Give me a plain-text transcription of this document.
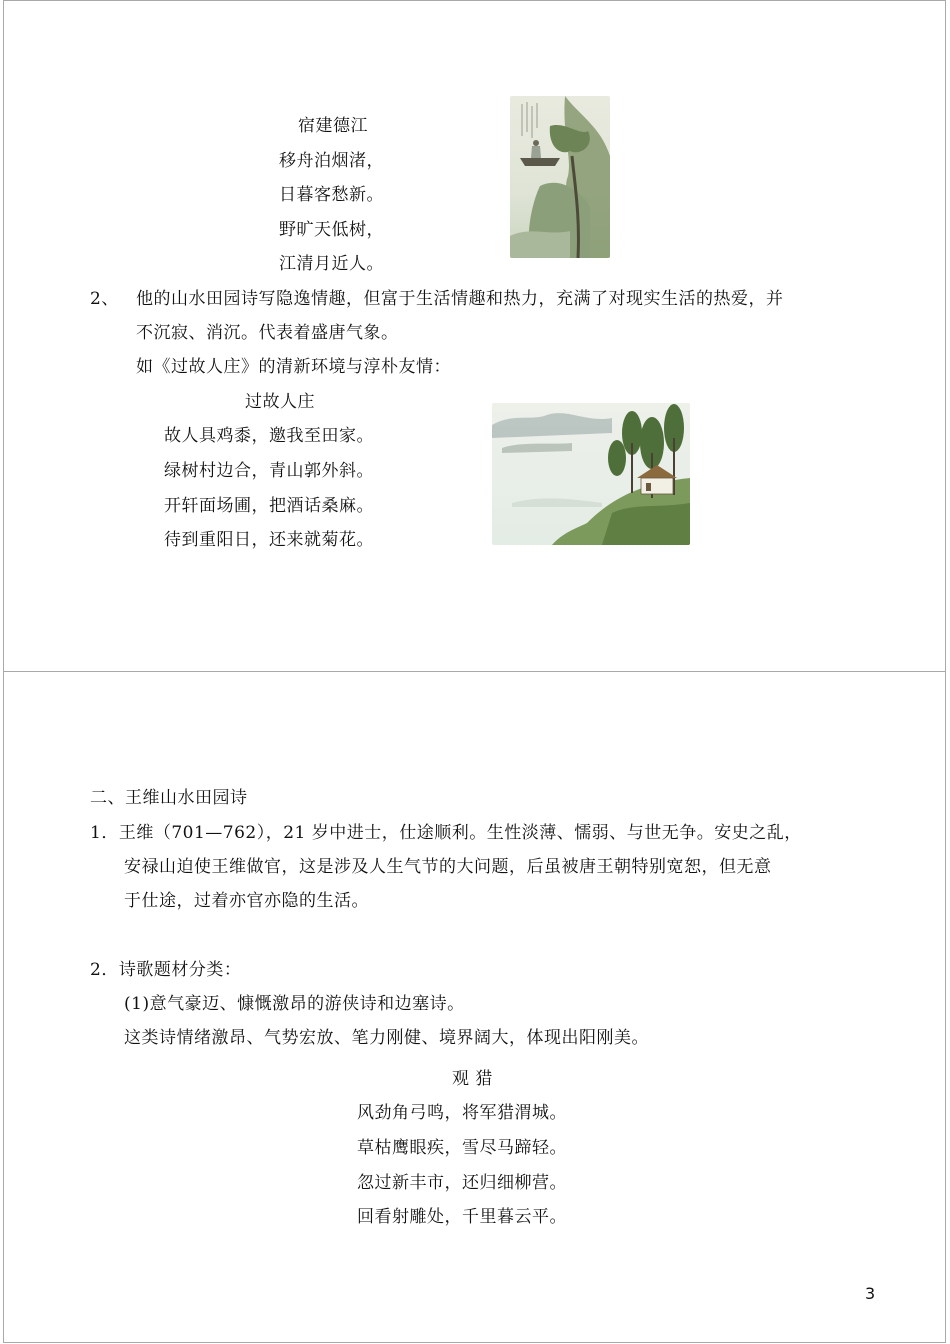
宿建德江
移舟泊烟渚，
日暮客愁新。
野旷天低树，
江清月近人。
2、 他的山水田园诗写隐逸情趣，但富于生活情趣和热力，充满了对现实生活的热爱，并
不沉寂、消沉。代表着盛唐气象。
如《过故人庄》的清新环境与淳朴友情：
过故人庄
故人具鸡黍，邀我至田家。
绿树村边合，青山郭外斜。
开轩面场圃，把酒话桑麻。
待到重阳日，还来就菊花。
二、王维山水田园诗
1．王维（701—762），21 岁中进士，仕途顺利。生性淡薄、懦弱、与世无争。安史之乱，
安禄山迫使王维做官，这是涉及人生气节的大问题，后虽被唐王朝特别宽恕，但无意
于仕途，过着亦官亦隐的生活。
2．诗歌题材分类：
(1)意气豪迈、慷慨激昂的游侠诗和边塞诗。
这类诗情绪激昂、气势宏放、笔力刚健、境界阔大，体现出阳刚美。
观 猎
风劲角弓鸣，将军猎渭城。
草枯鹰眼疾，雪尽马蹄轻。
忽过新丰市，还归细柳营。
回看射雕处，千里暮云平。
3
